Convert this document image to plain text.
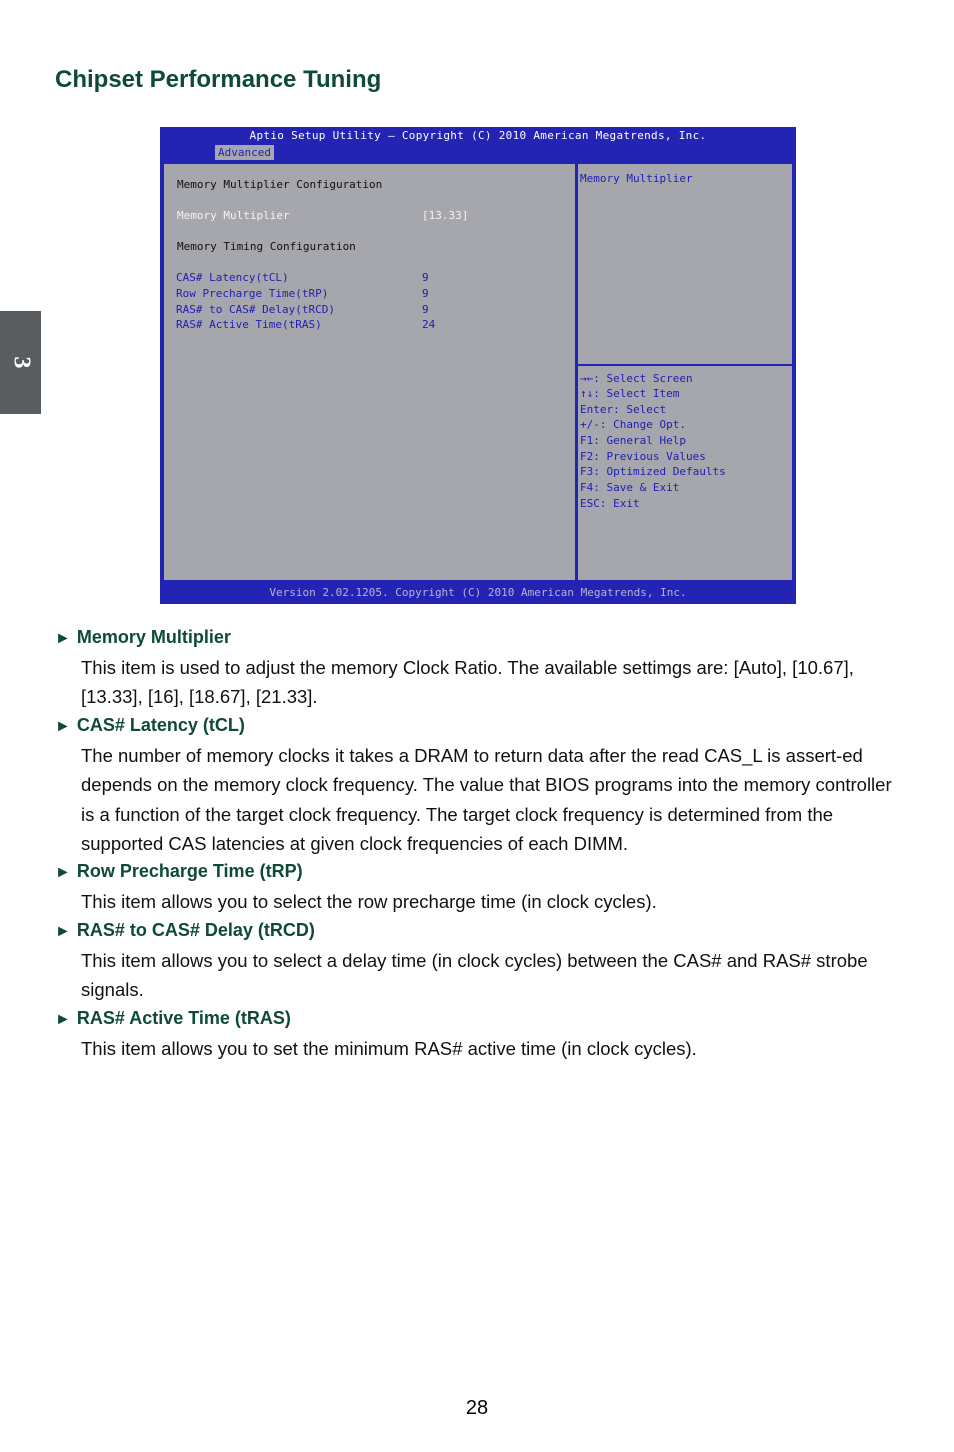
3
Chipset Performance Tuning
Aptio Setup Utility – Copyright (C) 2010 American Megatrends, Inc.
Advanced
Memory Multiplier Configuration
Memory Multiplier	[13.33]
Memory Timing Configuration
CAS# Latency(tCL)	9
Row Precharge Time(tRP)	9
RAS# to CAS# Delay(tRCD)	9
RAS# Active Time(tRAS)	24
Memory Multiplier
→←: Select Screen
↑↓: Select Item
Enter: Select
+/-: Change Opt.
F1: General Help
F2: Previous Values
F3: Optimized Defaults
F4: Save & Exit
ESC: Exit
Version 2.02.1205. Copyright (C) 2010 American Megatrends, Inc.
► Memory Multiplier

This item is used to adjust the memory Clock Ratio. The available settimgs are: [Auto], [10.67], [13.33], [16], [18.67], [21.33].

► CAS# Latency (tCL)

The number of memory clocks it takes a DRAM to return data after the read CAS_L is assert-ed depends on the memory clock frequency. The value that BIOS programs into the memory controller is a function of the target clock frequency. The target clock frequency is determined from the supported CAS latencies at given clock frequencies of each DIMM.

► Row Precharge Time (tRP)

This item allows you to select the row precharge time (in clock cycles).

► RAS# to CAS# Delay (tRCD)

This item allows you to select a delay time (in clock cycles) between the CAS# and RAS# strobe signals.

► RAS# Active Time (tRAS)

This item allows you to set the minimum RAS# active time (in clock cycles).

28
